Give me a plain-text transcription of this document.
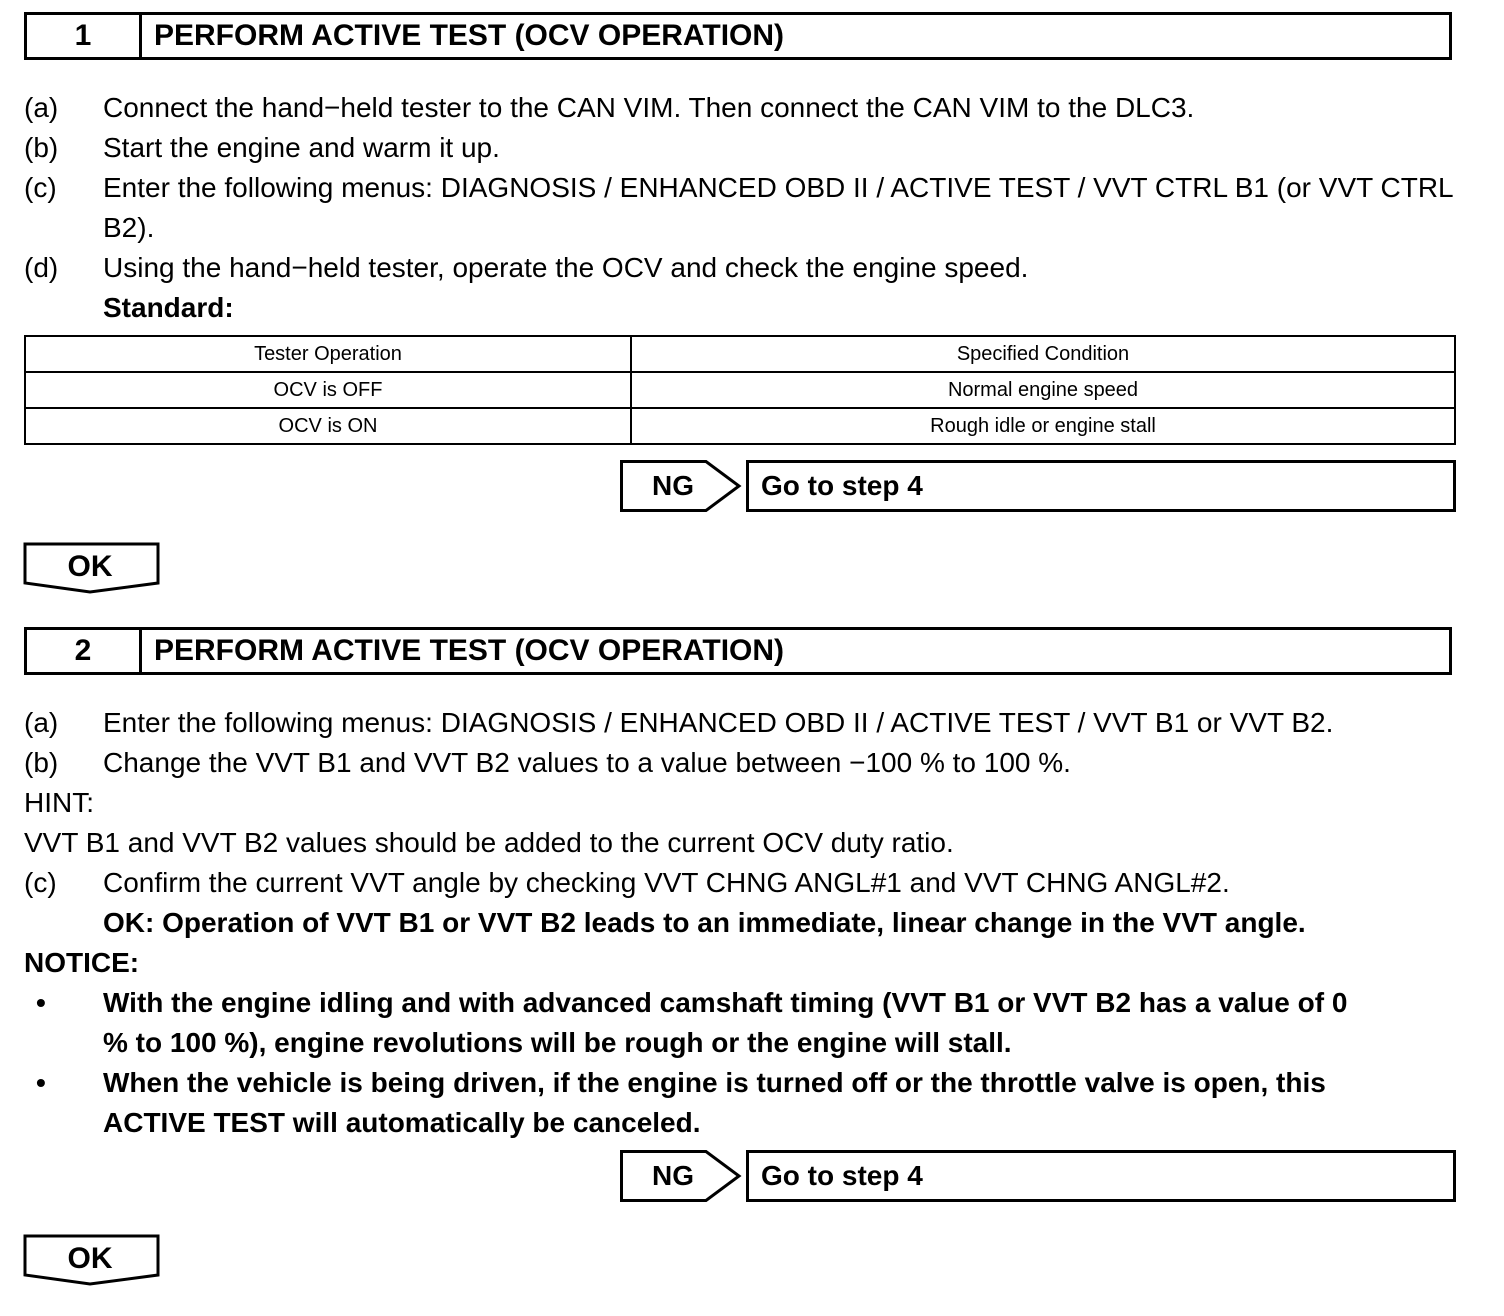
1	PERFORM ACTIVE TEST (OCV OPERATION)
(a) Connect the hand−held tester to the CAN VIM. Then connect the CAN VIM to the DLC3.
(b) Start the engine and warm it up.
(c) Enter the following menus: DIAGNOSIS / ENHANCED OBD II / ACTIVE TEST / VVT CTRL B1 (or VVT CTRL B2).
(d) Using the hand−held tester, operate the OCV and check the engine speed.
Standard:
Tester Operation	Specified Condition
OCV is OFF	Normal engine speed
OCV is ON	Rough idle or engine stall
NG	Go to step 4
OK
2	PERFORM ACTIVE TEST (OCV OPERATION)
(a) Enter the following menus: DIAGNOSIS / ENHANCED OBD II / ACTIVE TEST / VVT B1 or VVT B2.
(b) Change the VVT B1 and VVT B2 values to a value between −100 % to 100 %.
HINT:
VVT B1 and VVT B2 values should be added to the current OCV duty ratio.
(c) Confirm the current VVT angle by checking VVT CHNG ANGL#1 and VVT CHNG ANGL#2.
OK: Operation of VVT B1 or VVT B2 leads to an immediate, linear change in the VVT angle.
NOTICE:
• With the engine idling and with advanced camshaft timing (VVT B1 or VVT B2 has a value of 0
% to 100 %), engine revolutions will be rough or the engine will stall.
• When the vehicle is being driven, if the engine is turned off or the throttle valve is open, this
ACTIVE TEST will automatically be canceled.
NG	Go to step 4
OK
